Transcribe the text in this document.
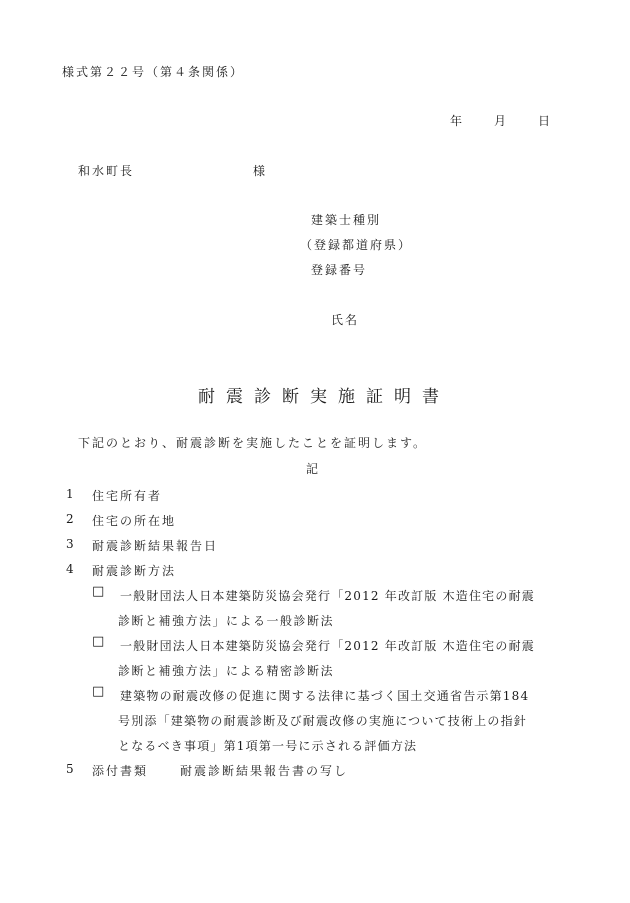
様式第２２号（第４条関係）
年 月 日
和水町長	様
建築士種別
（登録都道府県）
登録番号
氏名
耐震診断実施証明書
下記のとおり、耐震診断を実施したことを証明します。
記
1 住宅所有者
2 住宅の所在地
3 耐震診断結果報告日
4 耐震診断方法
□ 一般財団法人日本建築防災協会発行「2012 年改訂版 木造住宅の耐震
診断と補強方法」による一般診断法
□ 一般財団法人日本建築防災協会発行「2012 年改訂版 木造住宅の耐震
診断と補強方法」による精密診断法
□ 建築物の耐震改修の促進に関する法律に基づく国土交通省告示第184
号別添「建築物の耐震診断及び耐震改修の実施について技術上の指針
となるべき事項」第1項第一号に示される評価方法
5 添付書類	耐震診断結果報告書の写し
